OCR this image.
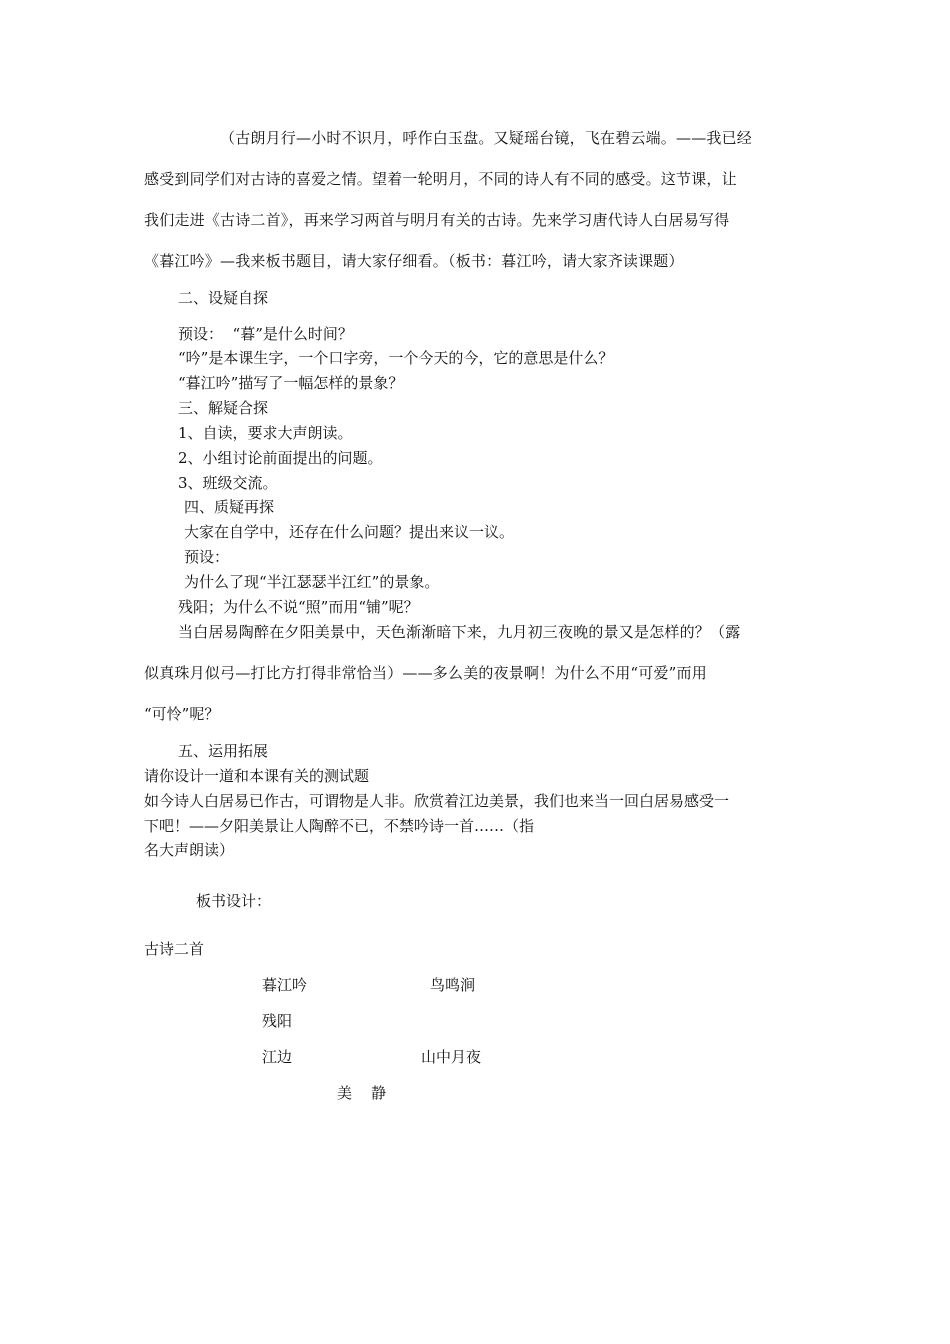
（古朗月行—小时不识月，呼作白玉盘。又疑瑶台镜，飞在碧云端。——我已经
感受到同学们对古诗的喜爱之情。望着一轮明月，不同的诗人有不同的感受。这节课，让
我们走进《古诗二首》，再来学习两首与明月有关的古诗。先来学习唐代诗人白居易写得
《暮江吟》—我来板书题目，请大家仔细看。（板书：暮江吟，请大家齐读课题）
二、设疑自探
预设：  “暮”是什么时间？
“吟”是本课生字，一个口字旁，一个今天的今，它的意思是什么？
“暮江吟”描写了一幅怎样的景象？
三、解疑合探
1、自读，要求大声朗读。
2、小组讨论前面提出的问题。
3、班级交流。
四、质疑再探
大家在自学中，还存在什么问题？提出来议一议。
预设：
为什么了现“半江瑟瑟半江红”的景象。
残阳；为什么不说“照”而用“铺”呢？
当白居易陶醉在夕阳美景中，天色渐渐暗下来，九月初三夜晚的景又是怎样的？（露
似真珠月似弓—打比方打得非常恰当）——多么美的夜景啊！为什么不用“可爱”而用
“可怜”呢？
五、运用拓展
请你设计一道和本课有关的测试题
如今诗人白居易已作古，可谓物是人非。欣赏着江边美景，我们也来当一回白居易感受一
下吧！——夕阳美景让人陶醉不已，不禁吟诗一首……（指
名大声朗读）
板书设计：
古诗二首
暮江吟	鸟鸣涧
残阳
江边	山中月夜
美    静
